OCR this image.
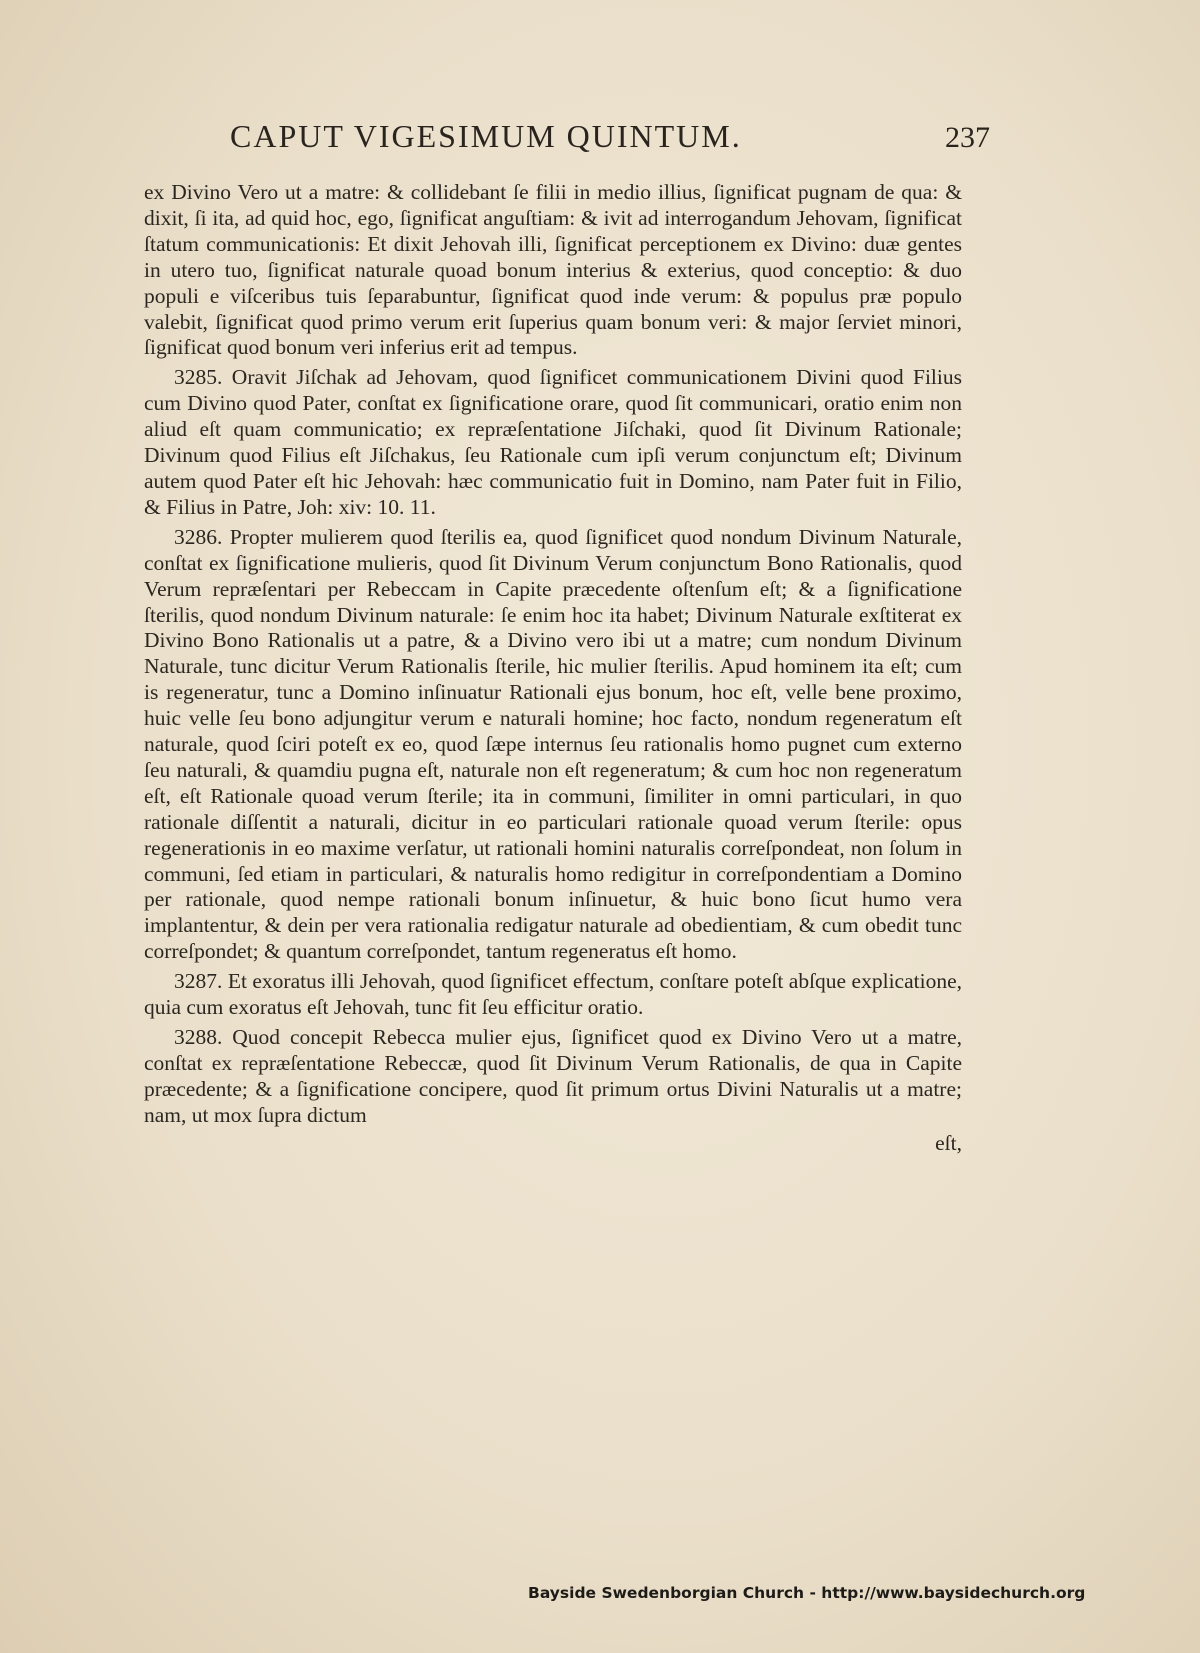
CAPUT VIGESIMUM QUINTUM.	237

ex Divino Vero ut a matre: & collidebant ſe filii in medio illius, ſignificat pugnam de qua: & dixit, ſi ita, ad quid hoc, ego, ſignificat anguſtiam: & ivit ad interrogandum Jehovam, ſignificat ſtatum communicationis: Et dixit Jehovah illi, ſignificat perceptionem ex Divino: duæ gentes in utero tuo, ſignificat naturale quoad bonum interius & exterius, quod conceptio: & duo populi e viſceribus tuis ſeparabuntur, ſignificat quod inde verum: & populus præ populo valebit, ſignificat quod primo verum erit ſuperius quam bonum veri: & major ſerviet minori, ſignificat quod bonum veri inferius erit ad tempus.

3285. Oravit Jiſchak ad Jehovam, quod ſignificet communicationem Divini quod Filius cum Divino quod Pater, conſtat ex ſignificatione orare, quod ſit communicari, oratio enim non aliud eſt quam communicatio; ex repræſentatione Jiſchaki, quod ſit Divinum Rationale; Divinum quod Filius eſt Jiſchakus, ſeu Rationale cum ipſi verum conjunctum eſt; Divinum autem quod Pater eſt hic Jehovah: hæc communicatio fuit in Domino, nam Pater fuit in Filio, & Filius in Patre, Joh: xiv: 10. 11.

3286. Propter mulierem quod ſterilis ea, quod ſignificet quod nondum Divinum Naturale, conſtat ex ſignificatione mulieris, quod ſit Divinum Verum conjunctum Bono Rationalis, quod Verum repræſentari per Rebeccam in Capite præcedente oſtenſum eſt; & a ſignificatione ſterilis, quod nondum Divinum naturale: ſe enim hoc ita habet; Divinum Naturale exſtiterat ex Divino Bono Rationalis ut a patre, & a Divino vero ibi ut a matre; cum nondum Divinum Naturale, tunc dicitur Verum Rationalis ſterile, hic mulier ſterilis. Apud hominem ita eſt; cum is regeneratur, tunc a Domino inſinuatur Rationali ejus bonum, hoc eſt, velle bene proximo, huic velle ſeu bono adjungitur verum e naturali homine; hoc facto, nondum regeneratum eſt naturale, quod ſciri poteſt ex eo, quod ſæpe internus ſeu rationalis homo pugnet cum externo ſeu naturali, & quamdiu pugna eſt, naturale non eſt regeneratum; & cum hoc non regeneratum eſt, eſt Rationale quoad verum ſterile; ita in communi, ſimiliter in omni particulari, in quo rationale diſſentit a naturali, dicitur in eo particulari rationale quoad verum ſterile: opus regenerationis in eo maxime verſatur, ut rationali homini naturalis correſpondeat, non ſolum in communi, ſed etiam in particulari, & naturalis homo redigitur in correſpondentiam a Domino per rationale, quod nempe rationali bonum inſinuetur, & huic bono ſicut humo vera implantentur, & dein per vera rationalia redigatur naturale ad obedientiam, & cum obedit tunc correſpondet; & quantum correſpondet, tantum regeneratus eſt homo.

3287. Et exoratus illi Jehovah, quod ſignificet effectum, conſtare poteſt abſque explicatione, quia cum exoratus eſt Jehovah, tunc fit ſeu efficitur oratio.

3288. Quod concepit Rebecca mulier ejus, ſignificet quod ex Divino Vero ut a matre, conſtat ex repræſentatione Rebeccæ, quod ſit Divinum Verum Rationalis, de qua in Capite præcedente; & a ſignificatione concipere, quod ſit primum ortus Divini Naturalis ut a matre; nam, ut mox ſupra dictum

eſt,
Bayside Swedenborgian Church - http://www.baysidechurch.org
